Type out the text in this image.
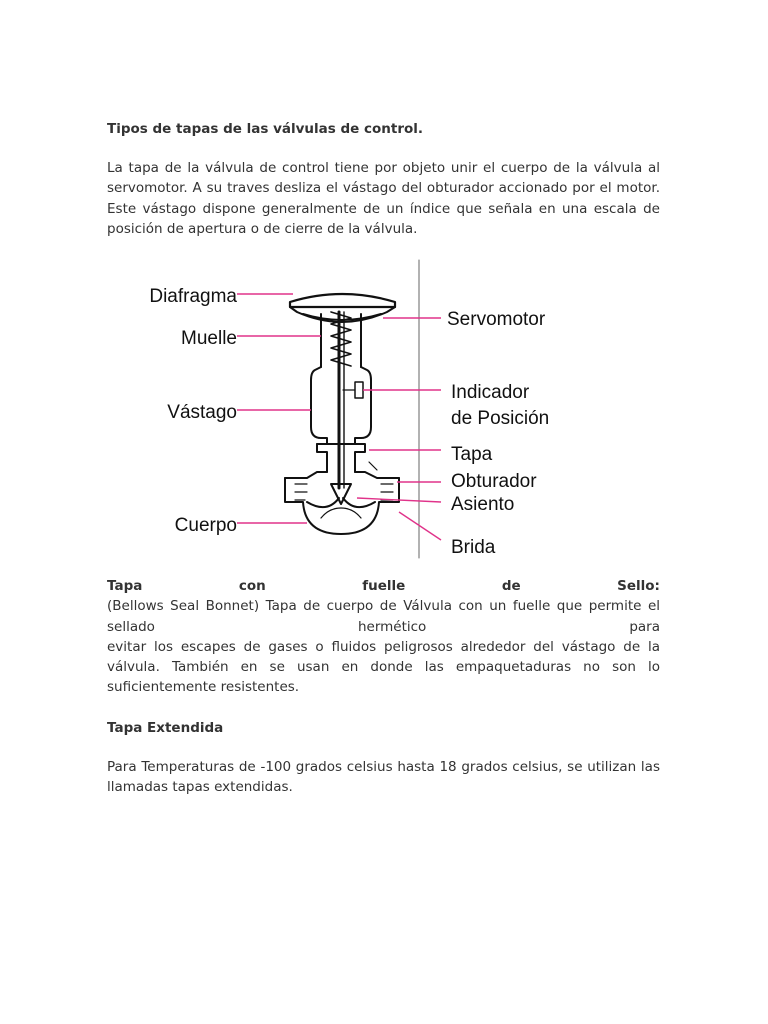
Tipos de tapas de las válvulas de control.
La tapa de la válvula de control tiene por objeto unir el cuerpo de la válvula al
servomotor. A su traves desliza el vástago del obturador accionado por el motor.
Este vástago dispone generalmente de un índice que señala en una escala de
posición de apertura o de cierre de la válvula.
Diafragma
Muelle
Vástago
Cuerpo
Servomotor
Indicador
de Posición
Tapa
Obturador
Asiento
Brida
Tapa	con	fuelle	de	Sello:
(Bellows Seal Bonnet) Tapa de cuerpo de Válvula con un fuelle que permite el
sellado	hermético	para
evitar los escapes de gases o fluidos peligrosos alrededor del vástago de la
válvula. También en se usan en donde las empaquetaduras no son lo
suficientemente resistentes.
Tapa Extendida
Para Temperaturas de -100 grados celsius hasta 18 grados celsius, se utilizan las
llamadas tapas extendidas.
